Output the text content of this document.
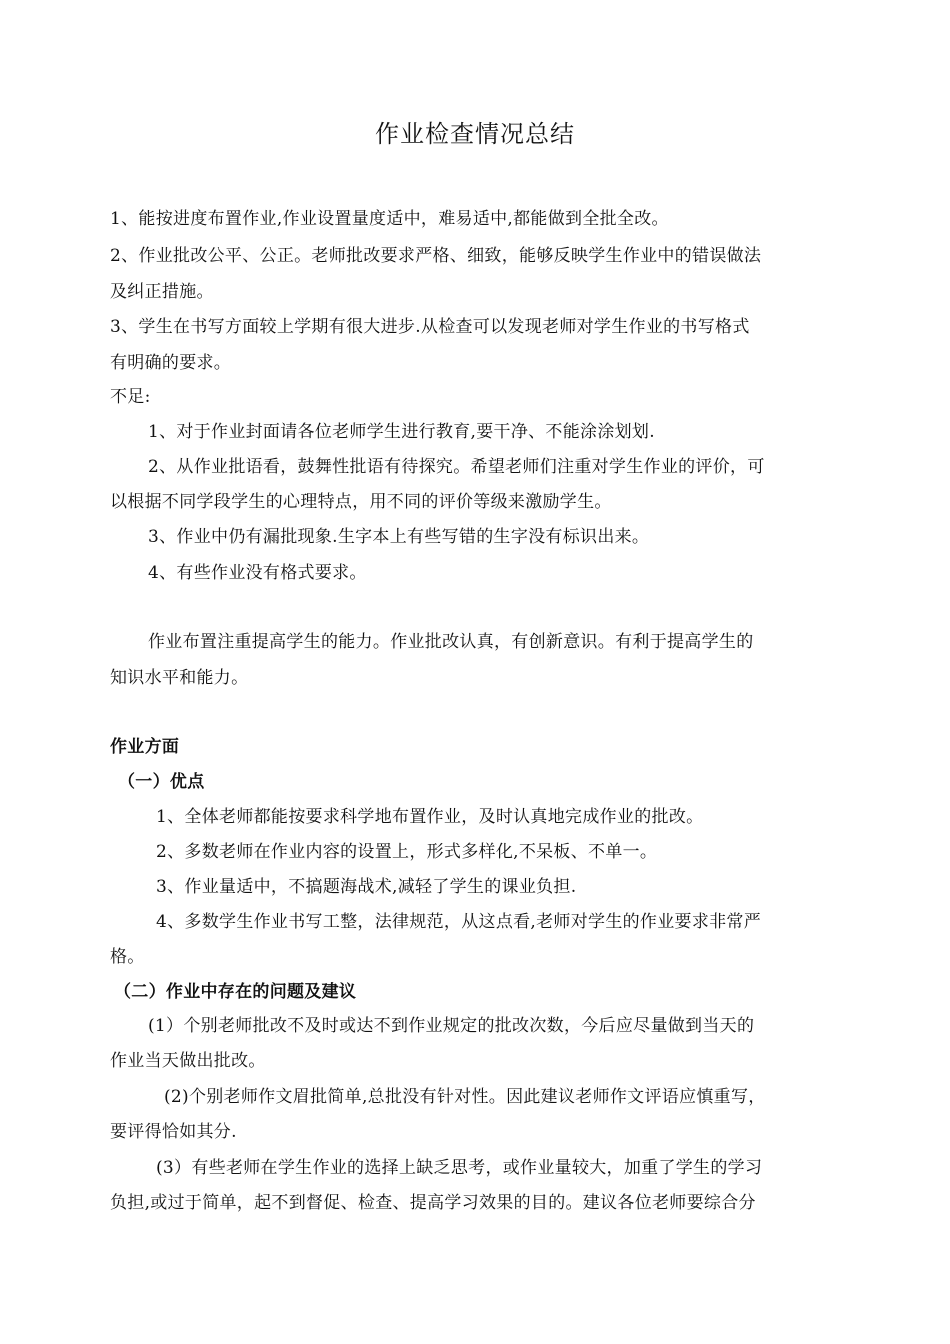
作业检查情况总结
1、能按进度布置作业,作业设置量度适中，难易适中,都能做到全批全改。
2、作业批改公平、公正。老师批改要求严格、细致，能够反映学生作业中的错误做法
及纠正措施。
3、学生在书写方面较上学期有很大进步.从检查可以发现老师对学生作业的书写格式
有明确的要求。
不足:
1、对于作业封面请各位老师学生进行教育,要干净、不能涂涂划划.
2、从作业批语看，鼓舞性批语有待探究。希望老师们注重对学生作业的评价，可
以根据不同学段学生的心理特点，用不同的评价等级来激励学生。
3、作业中仍有漏批现象.生字本上有些写错的生字没有标识出来。
4、有些作业没有格式要求。
作业布置注重提高学生的能力。作业批改认真，有创新意识。有利于提高学生的
知识水平和能力。
作业方面
（一）优点
1、全体老师都能按要求科学地布置作业，及时认真地完成作业的批改。
2、多数老师在作业内容的设置上，形式多样化,不呆板、不单一。
3、作业量适中，不搞题海战术,减轻了学生的课业负担.
4、多数学生作业书写工整，法律规范，从这点看,老师对学生的作业要求非常严
格。
（二）作业中存在的问题及建议
(1）个别老师批改不及时或达不到作业规定的批改次数，今后应尽量做到当天的
作业当天做出批改。
(2)个别老师作文眉批简单,总批没有针对性。因此建议老师作文评语应慎重写，
要评得恰如其分.
(3）有些老师在学生作业的选择上缺乏思考，或作业量较大，加重了学生的学习
负担,或过于简单，起不到督促、检查、提高学习效果的目的。建议各位老师要综合分
